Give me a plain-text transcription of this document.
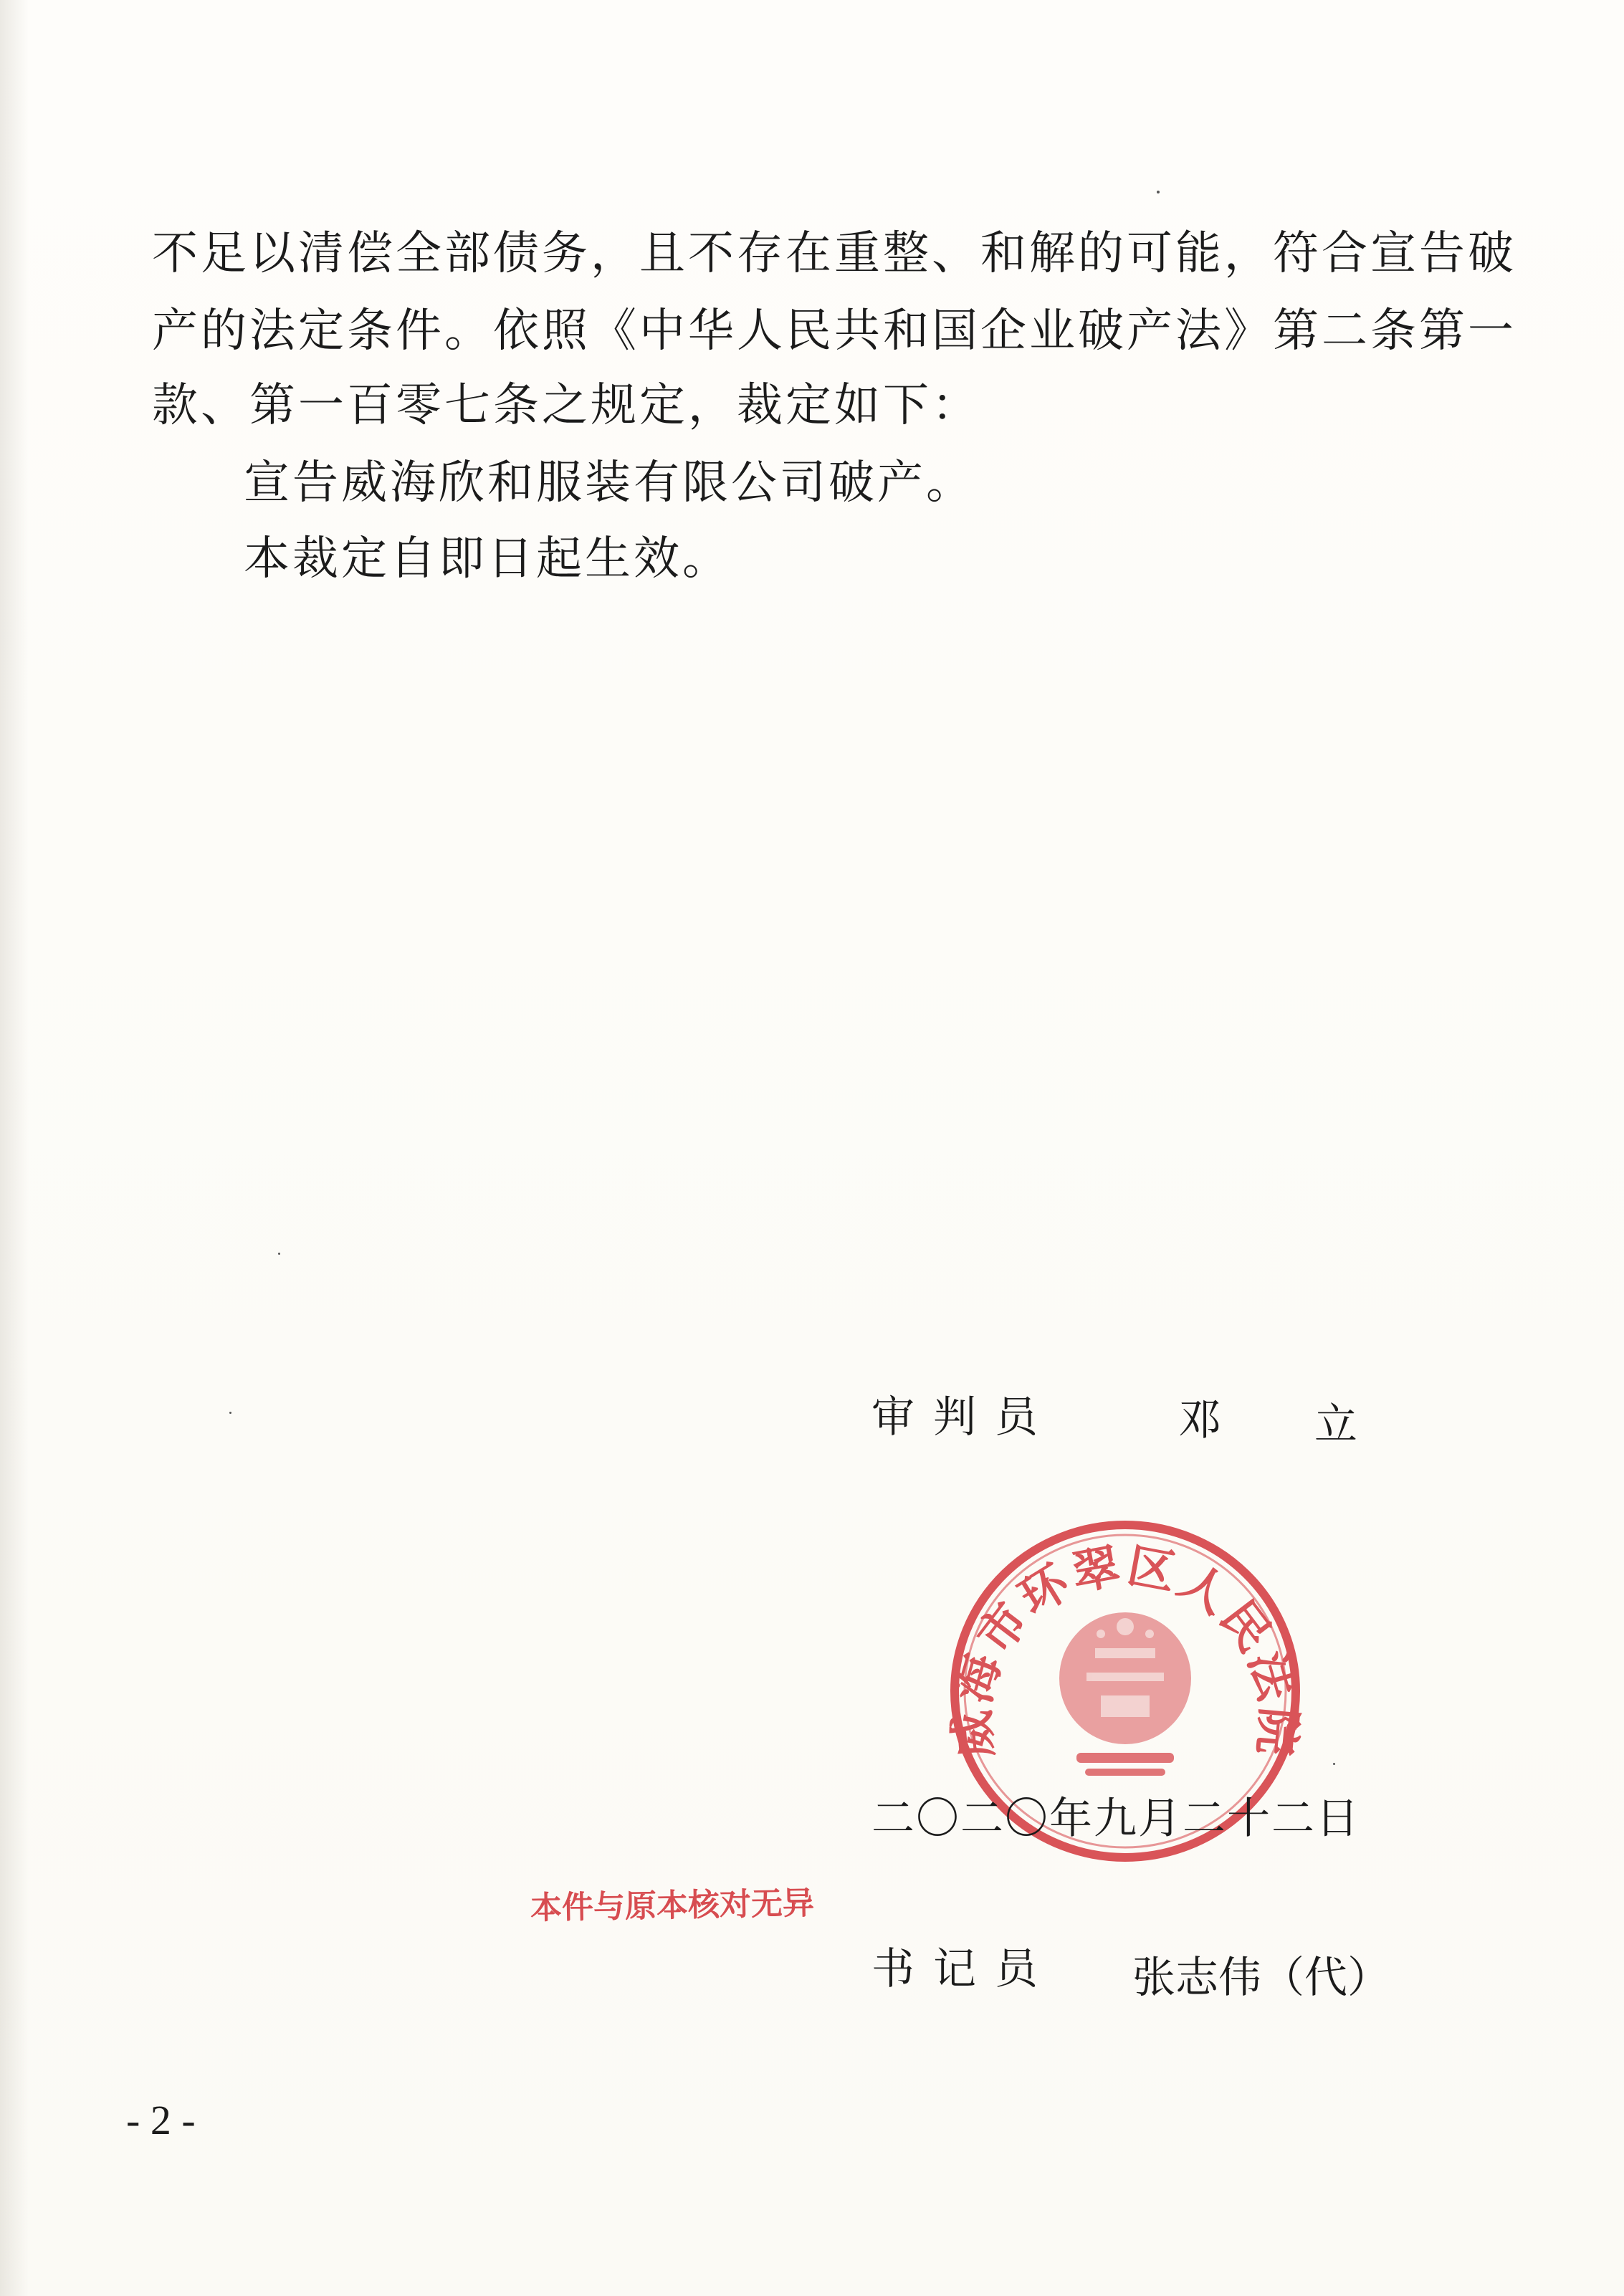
不足以清偿全部债务，且不存在重整、和解的可能，符合宣告破
产的法定条件。依照《中华人民共和国企业破产法》第二条第一
款、第一百零七条之规定，裁定如下：
宣告威海欣和服装有限公司破产。
本裁定自即日起生效。
审判员	邓 立
威海市环翠区人民法院
二〇二〇年九月二十二日
本件与原本核对无异
书记员 张志伟（代）
- 2 -
